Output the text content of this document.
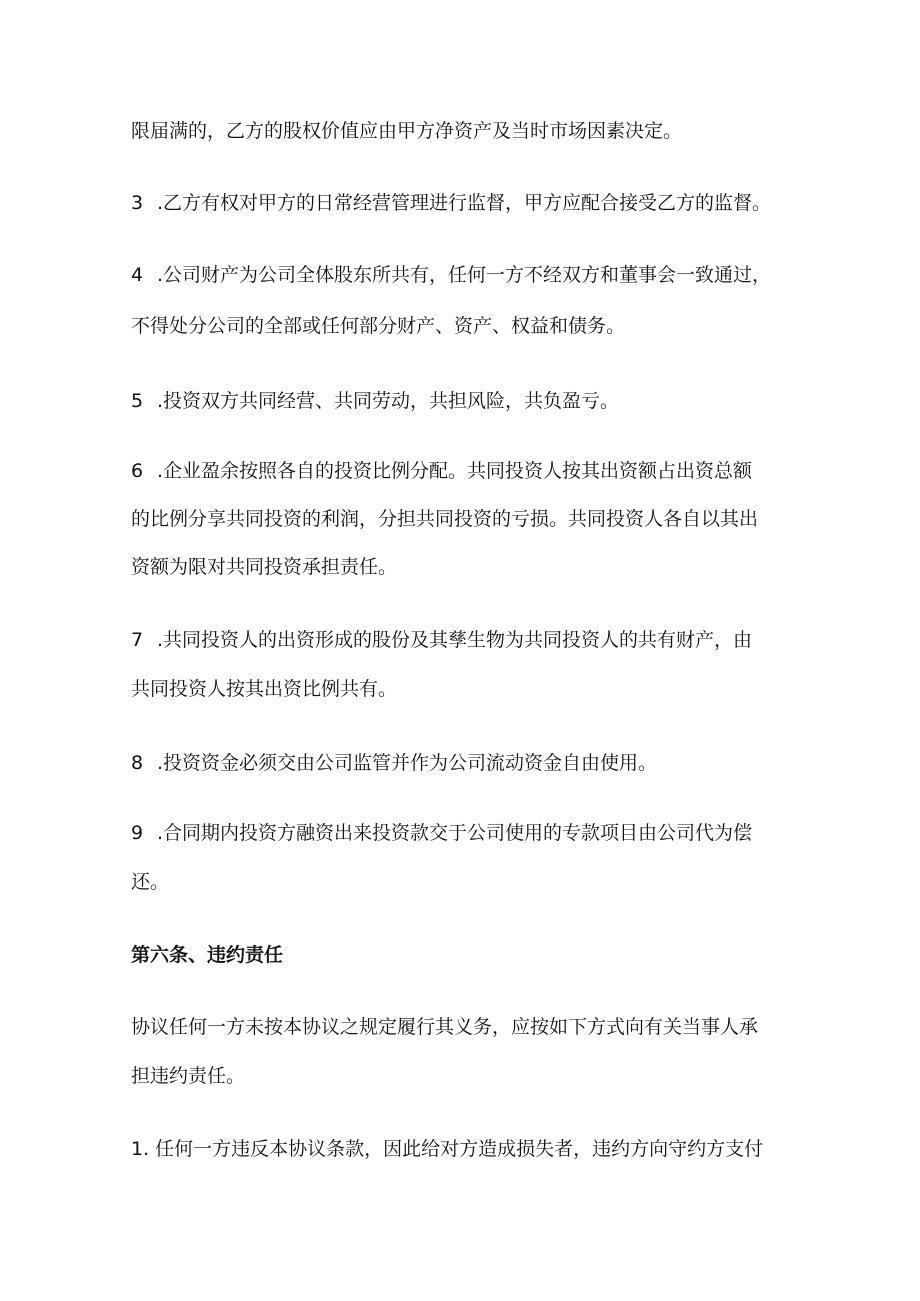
限届满的，乙方的股权价值应由甲方净资产及当时市场因素决定。
3 .乙方有权对甲方的日常经营管理进行监督，甲方应配合接受乙方的监督。
4 .公司财产为公司全体股东所共有，任何一方不经双方和董事会一致通过，
不得处分公司的全部或任何部分财产、资产、权益和债务。
5 .投资双方共同经营、共同劳动，共担风险，共负盈亏。
6 .企业盈余按照各自的投资比例分配。共同投资人按其出资额占出资总额
的比例分享共同投资的利润，分担共同投资的亏损。共同投资人各自以其出
资额为限对共同投资承担责任。
7 .共同投资人的出资形成的股份及其孳生物为共同投资人的共有财产，由
共同投资人按其出资比例共有。
8 .投资资金必须交由公司监管并作为公司流动资金自由使用。
9 .合同期内投资方融资出来投资款交于公司使用的专款项目由公司代为偿
还。
第六条、违约责任
协议任何一方未按本协议之规定履行其义务，应按如下方式向有关当事人承
担违约责任。
1. 任何一方违反本协议条款，因此给对方造成损失者，违约方向守约方支付
